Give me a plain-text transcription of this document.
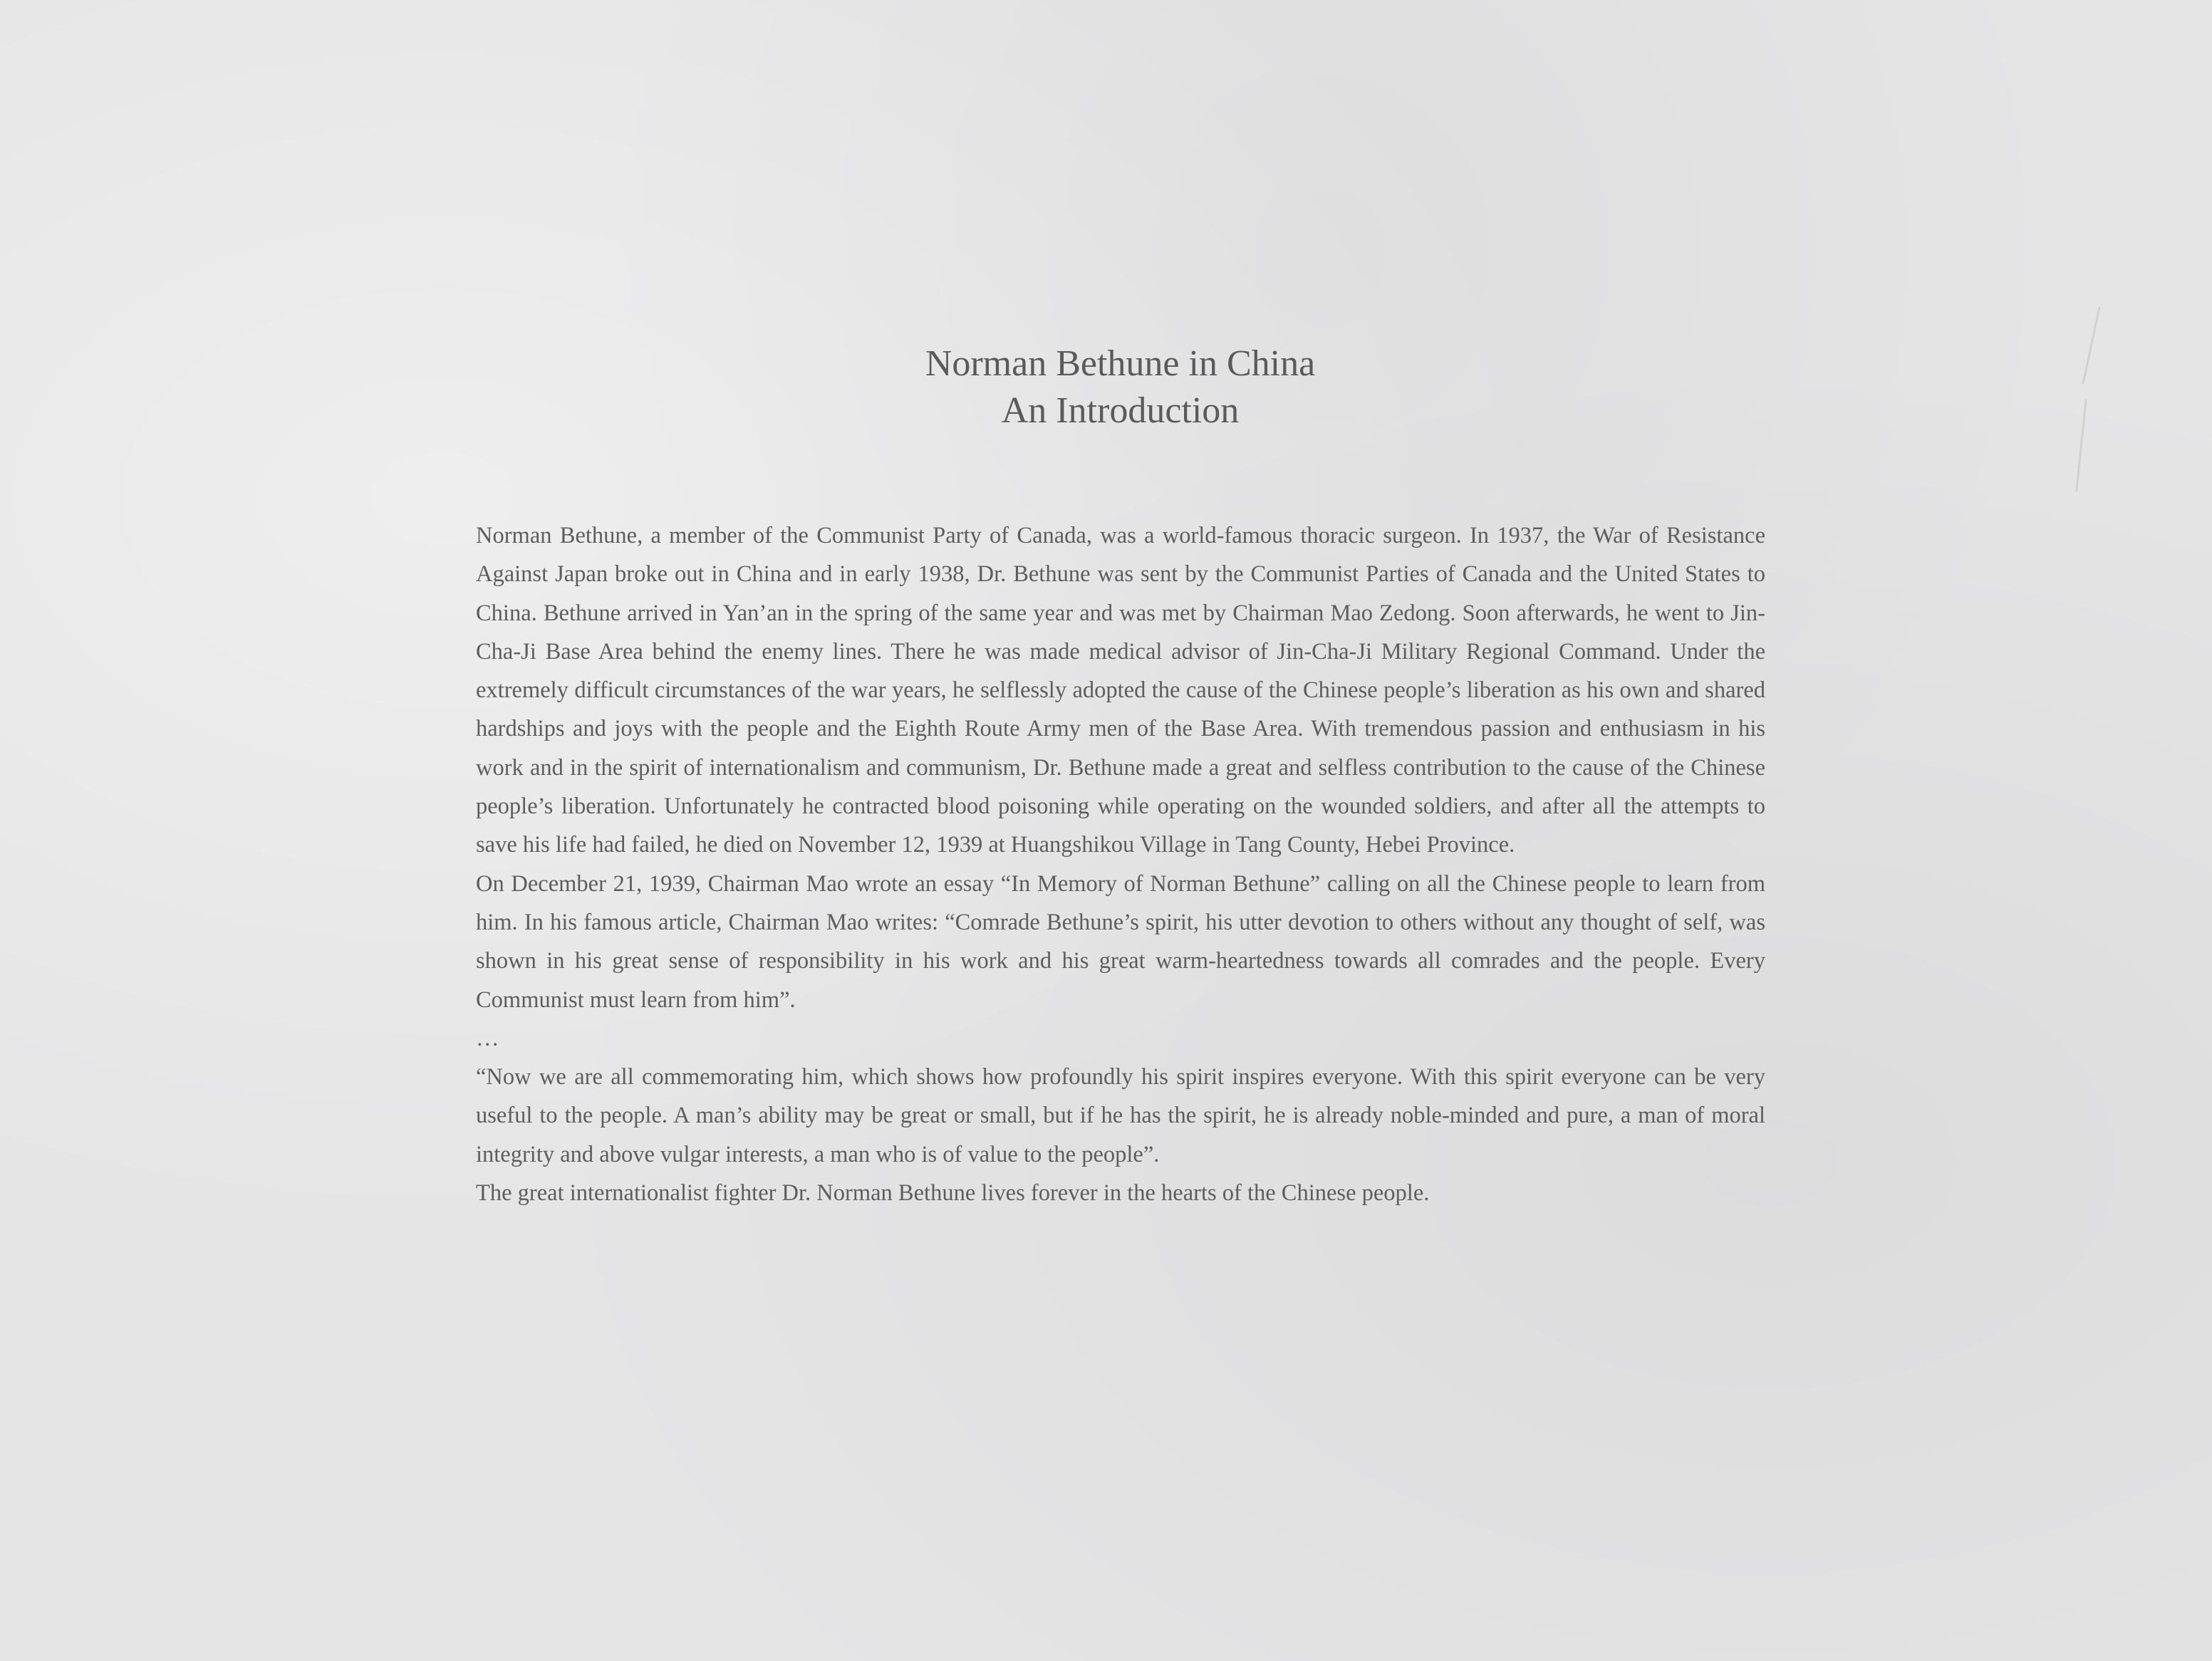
Norman Bethune in China

An Introduction

Norman Bethune, a member of the Communist Party of Canada, was a world-famous thoracic surgeon. In 1937, the War of Resistance Against Japan broke out in China and in early 1938, Dr. Bethune was sent by the Communist Parties of Canada and the United States to China. Bethune arrived in Yan’an in the spring of the same year and was met by Chairman Mao Zedong. Soon afterwards, he went to Jin-Cha-Ji Base Area behind the enemy lines. There he was made medical advisor of Jin-Cha-Ji Military Regional Command. Under the extremely difficult circumstances of the war years, he selflessly adopted the cause of the Chinese people’s liberation as his own and shared hardships and joys with the people and the Eighth Route Army men of the Base Area. With tremendous passion and enthusiasm in his work and in the spirit of internationalism and communism, Dr. Bethune made a great and selfless contribution to the cause of the Chinese people’s liberation. Unfortunately he contracted blood poisoning while operating on the wounded soldiers, and after all the attempts to save his life had failed, he died on November 12, 1939 at Huangshikou Village in Tang County, Hebei Province.

On December 21, 1939, Chairman Mao wrote an essay “In Memory of Norman Bethune” calling on all the Chinese people to learn from him. In his famous article, Chairman Mao writes: “Comrade Bethune’s spirit, his utter devotion to others without any thought of self, was shown in his great sense of responsibility in his work and his great warm-heartedness towards all comrades and the people. Every Communist must learn from him”.

…

“Now we are all commemorating him, which shows how profoundly his spirit inspires everyone. With this spirit everyone can be very useful to the people. A man’s ability may be great or small, but if he has the spirit, he is already noble-minded and pure, a man of moral integrity and above vulgar interests, a man who is of value to the people”.

The great internationalist fighter Dr. Norman Bethune lives forever in the hearts of the Chinese people.
